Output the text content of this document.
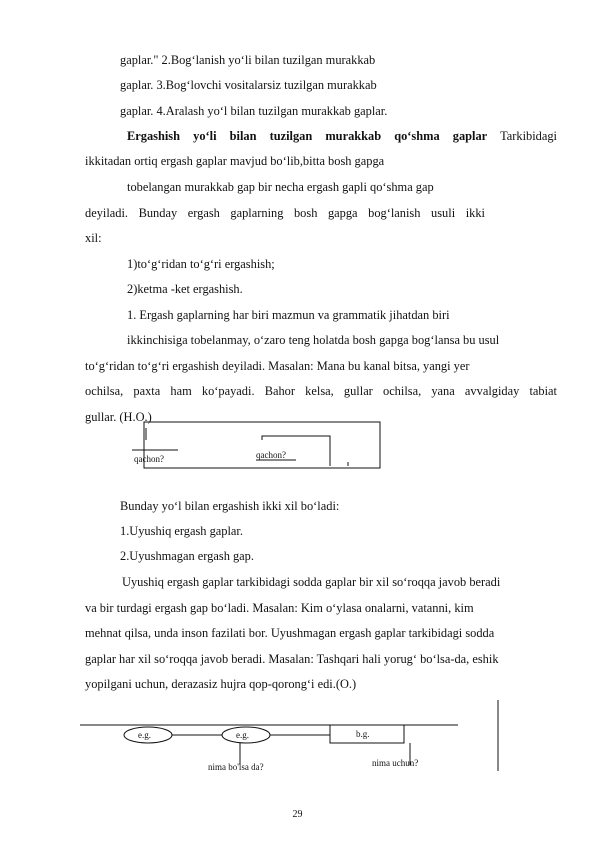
gaplar." 2.Bogʻlanish yoʻli bilan tuzilgan murakkab
gaplar. 3.Bogʻlovchi vositalarsiz tuzilgan murakkab
gaplar. 4.Aralash yoʻl bilan tuzilgan murakkab gaplar.
Ergashish yoʻli bilan tuzilgan murakkab qoʻshma gaplar Tarkibidagi
ikkitadan ortiq ergash gaplar mavjud boʻlib,bitta bosh gapga
tobelangan murakkab gap bir necha ergash gapli qoʻshma gap
deyiladi. Bunday ergash gaplarning bosh gapga bogʻlanish usuli ikki
xil:
1)toʻgʻridan toʻgʻri ergashish;
2)ketma -ket ergashish.
1. Ergash gaplarning har biri mazmun va grammatik jihatdan biri
ikkinchisiga tobelanmay, oʻzaro teng holatda bosh gapga bogʻlansa bu usul
toʻgʻridan toʻgʻri ergashish deyiladi. Masalan: Mana bu kanal bitsa, yangi yer
ochilsa, paxta ham koʻpayadi. Bahor kelsa, gullar ochilsa, yana avvalgiday tabiat
gullar. (H.O.)
qachon?	qachon?
Bunday yoʻl bilan ergashish ikki xil boʻladi:
1.Uyushiq ergash gaplar.
2.Uyushmagan ergash gap.
Uyushiq ergash gaplar tarkibidagi sodda gaplar bir xil soʻroqqa javob beradi
va bir turdagi ergash gap boʻladi. Masalan: Kim oʻylasa onalarni, vatanni, kim
mehnat qilsa, unda inson fazilati bor. Uyushmagan ergash gaplar tarkibidagi sodda
gaplar har xil soʻroqqa javob beradi. Masalan: Tashqari hali yorugʻ boʻlsa-da, eshik
yopilgani uchun, derazasiz hujra qop-qorongʻi edi.(O.)
e.g.	e.g.	b.g.
nima bo'lsa da?	nima uchun?
29
